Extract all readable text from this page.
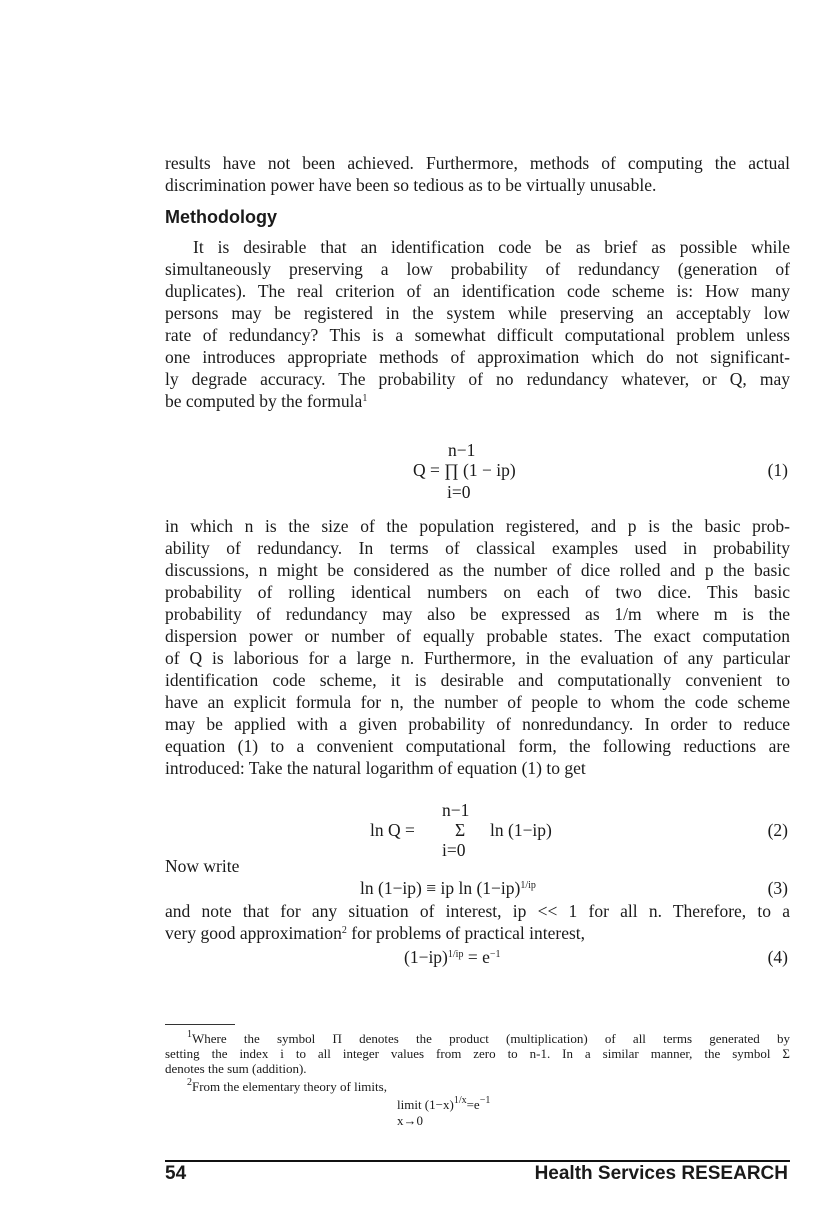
results have not been achieved. Furthermore, methods of computing the actual
discrimination power have been so tedious as to be virtually unusable.
Methodology
It is desirable that an identification code be as brief as possible while
simultaneously preserving a low probability of redundancy (generation of
duplicates). The real criterion of an identification code scheme is: How many
persons may be registered in the system while preserving an acceptably low
rate of redundancy? This is a somewhat difficult computational problem unless
one introduces appropriate methods of approximation which do not significant-
ly degrade accuracy. The probability of no redundancy whatever, or Q, may
be computed by the formula$^1$
n−1
Q = ∏ (1 − ip)
i=0
(1)
in which n is the size of the population registered, and p is the basic prob-
ability of redundancy. In terms of classical examples used in probability
discussions, n might be considered as the number of dice rolled and p the basic
probability of rolling identical numbers on each of two dice. This basic
probability of redundancy may also be expressed as 1/m where m is the
dispersion power or number of equally probable states. The exact computation
of Q is laborious for a large n. Furthermore, in the evaluation of any particular
identification code scheme, it is desirable and computationally convenient to
have an explicit formula for n, the number of people to whom the code scheme
may be applied with a given probability of nonredundancy. In order to reduce
equation (1) to a convenient computational form, the following reductions are
introduced: Take the natural logarithm of equation (1) to get
n−1
ln Q = Σ ln (1−ip)
i=0
(2)
Now write
ln (1−ip) ≡ ip $\ln (1-ip)^{1/ip}$	(3)
and note that for any situation of interest, ip << 1 for all n. Therefore, to a
very good approximation$^2$ for problems of practical interest,
$(1-ip)^{1/ip} = e^{-1}$	(4)
$^1$Where the symbol Π denotes the product (multiplication) of all terms generated by
setting the index i to all integer values from zero to n-1. In a similar manner, the symbol Σ
denotes the sum (addition).
$^2$From the elementary theory of limits,
limit $(1-x)^{1/x}=e^{-1}$
x→0
54	Health Services RESEARCH
